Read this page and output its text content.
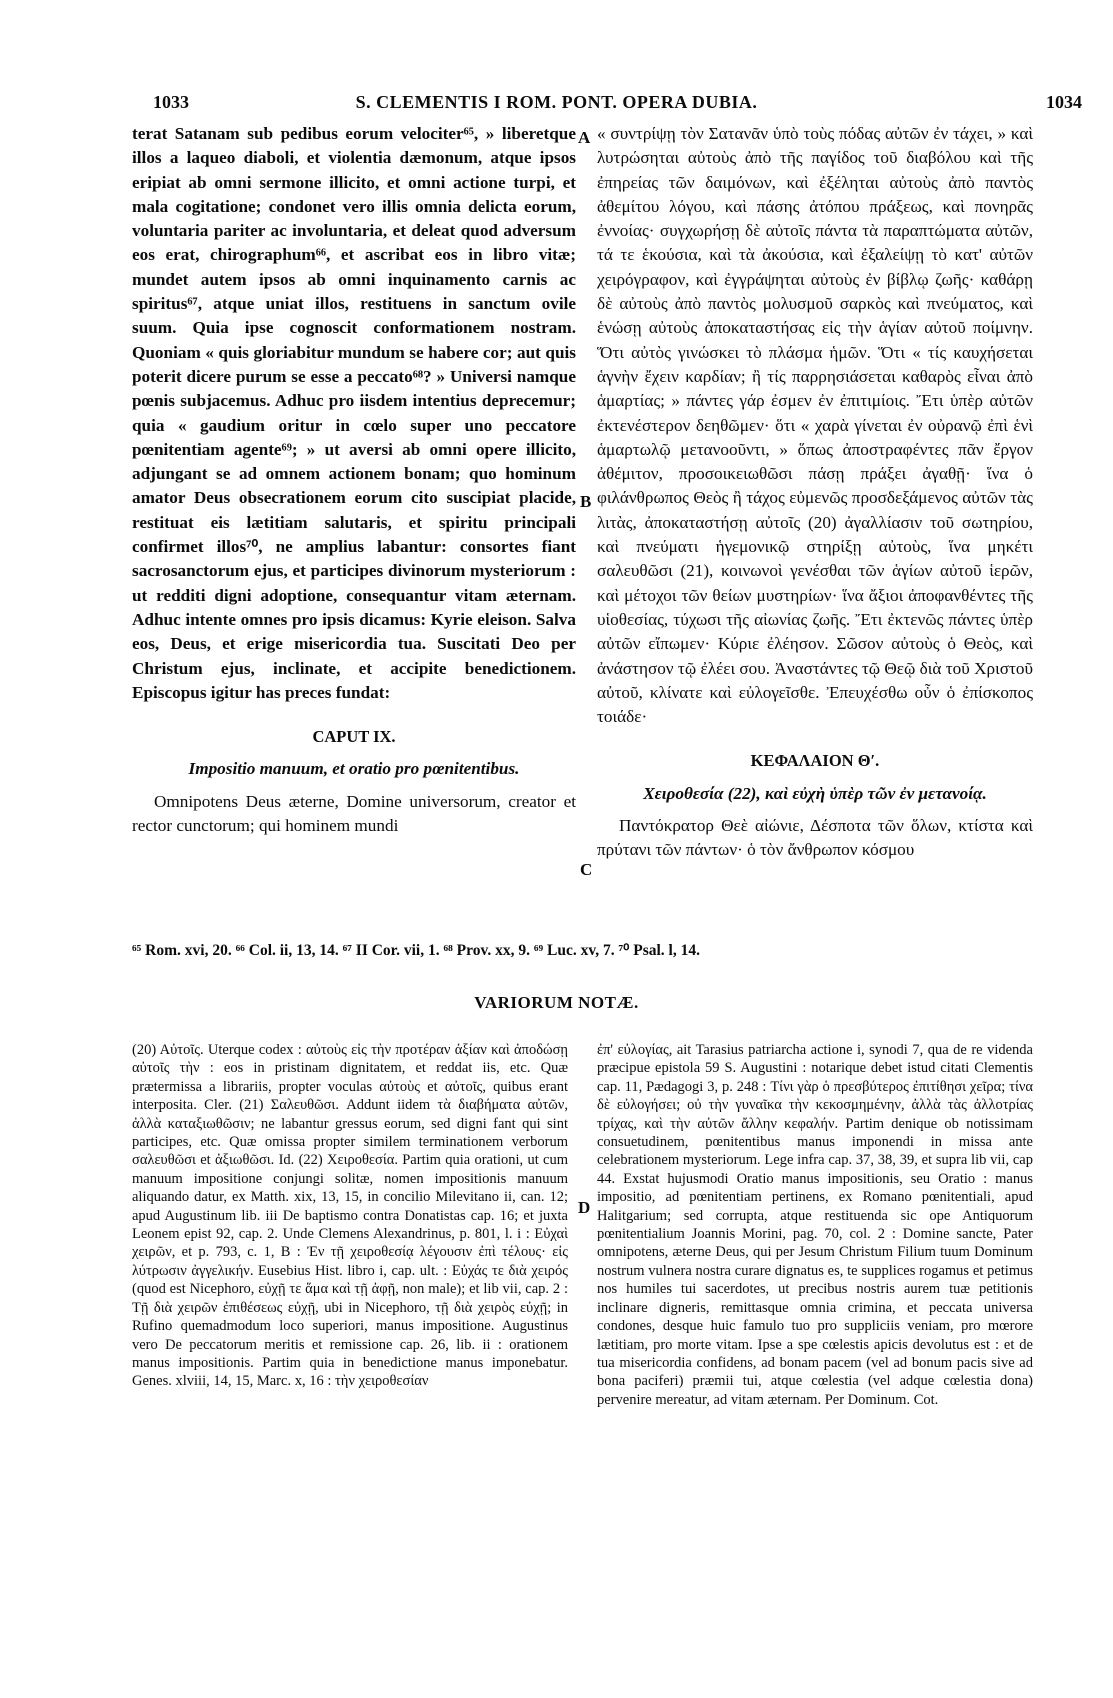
1033	S. CLEMENTIS I ROM. PONT. OPERA DUBIA.	1034

terat Satanam sub pedibus eorum velociter⁶⁵, » liberetque illos a laqueo diaboli, et violentia dæmonum, atque ipsos eripiat ab omni sermone illicito, et omni actione turpi, et mala cogitatione; condonet vero illis omnia delicta eorum, voluntaria pariter ac involuntaria, et deleat quod adversum eos erat, chirographum⁶⁶, et ascribat eos in libro vitæ; mundet autem ipsos ab omni inquinamento carnis ac spiritus⁶⁷, atque uniat illos, restituens in sanctum ovile suum. Quia ipse cognoscit conformationem nostram. Quoniam « quis gloriabitur mundum se habere cor; aut quis poterit dicere purum se esse a peccato⁶⁸? » Universi namque pœnis subjacemus. Adhuc pro iisdem intentius deprecemur; quia « gaudium oritur in cœlo super uno peccatore pœnitentiam agente⁶⁹; » ut aversi ab omni opere illicito, adjungant se ad omnem actionem bonam; quo hominum amator Deus obsecrationem eorum cito suscipiat placide, restituat eis lætitiam salutaris, et spiritu principali confirmet illos⁷⁰, ne amplius labantur: consortes fiant sacrosanctorum ejus, et participes divinorum mysteriorum : ut redditi digni adoptione, consequantur vitam æternam. Adhuc intente omnes pro ipsis dicamus: Kyrie eleison. Salva eos, Deus, et erige misericordia tua. Suscitati Deo per Christum ejus, inclinate, et accipite benedictionem. Episcopus igitur has preces fundat:

CAPUT IX.

Impositio manuum, et oratio pro pœnitentibus.

Omnipotens Deus æterne, Domine universorum, creator et rector cunctorum; qui hominem mundi

« συντρίψῃ τὸν Σατανᾶν ὑπὸ τοὺς πόδας αὐτῶν ἐν τάχει, » καὶ λυτρώσηται αὐτοὺς ἀπὸ τῆς παγίδος τοῦ διαβόλου καὶ τῆς ἐπηρείας τῶν δαιμόνων, καὶ ἐξέληται αὐτοὺς ἀπὸ παντὸς ἀθεμίτου λόγου, καὶ πάσης ἀτόπου πράξεως, καὶ πονηρᾶς ἐννοίας· συγχωρήσῃ δὲ αὐτοῖς πάντα τὰ παραπτώματα αὐτῶν, τά τε ἑκούσια, καὶ τὰ ἀκούσια, καὶ ἐξαλείψῃ τὸ κατ' αὐτῶν χειρόγραφον, καὶ ἐγγράψηται αὐτοὺς ἐν βίβλῳ ζωῆς· καθάρῃ δὲ αὐτοὺς ἀπὸ παντὸς μολυσμοῦ σαρκὸς καὶ πνεύματος, καὶ ἑνώσῃ αὐτοὺς ἀποκαταστήσας εἰς τὴν ἁγίαν αὐτοῦ ποίμνην. Ὅτι αὐτὸς γινώσκει τὸ πλάσμα ἡμῶν. Ὅτι « τίς καυχήσεται ἁγνὴν ἔχειν καρδίαν; ἢ τίς παρρησιάσεται καθαρὸς εἶναι ἀπὸ ἁμαρτίας; » πάντες γάρ ἐσμεν ἐν ἐπιτιμίοις. Ἔτι ὑπὲρ αὐτῶν ἐκτενέστερον δεηθῶμεν· ὅτι « χαρὰ γίνεται ἐν οὐρανῷ ἐπὶ ἑνὶ ἁμαρτωλῷ μετανοοῦντι, » ὅπως ἀποστραφέντες πᾶν ἔργον ἀθέμιτον, προσοικειωθῶσι πάσῃ πράξει ἀγαθῇ· ἵνα ὁ φιλάνθρωπος Θεὸς ἢ τάχος εὐμενῶς προσδεξάμενος αὐτῶν τὰς λιτὰς, ἀποκαταστήσῃ αὐτοῖς (20) ἀγαλλίασιν τοῦ σωτηρίου, καὶ πνεύματι ἡγεμονικῷ στηρίξῃ αὐτοὺς, ἵνα μηκέτι σαλευθῶσι (21), κοινωνοὶ γενέσθαι τῶν ἁγίων αὐτοῦ ἱερῶν, καὶ μέτοχοι τῶν θείων μυστηρίων· ἵνα ἄξιοι ἀποφανθέντες τῆς υἱοθεσίας, τύχωσι τῆς αἰωνίας ζωῆς. Ἔτι ἐκτενῶς πάντες ὑπὲρ αὐτῶν εἴπωμεν· Κύριε ἐλέησον. Σῶσον αὐτοὺς ὁ Θεὸς, καὶ ἀνάστησον τῷ ἐλέει σου. Ἀναστάντες τῷ Θεῷ διὰ τοῦ Χριστοῦ αὐτοῦ, κλίνατε καὶ εὐλογεῖσθε. Ἐπευχέσθω οὖν ὁ ἐπίσκοπος τοιάδε·

ΚΕΦΑΛΑΙΟΝ Θʹ.

Χειροθεσία (22), καὶ εὐχὴ ὑπὲρ τῶν ἐν μετανοίᾳ.

Παντόκρατορ Θεὲ αἰώνιε, Δέσποτα τῶν ὅλων, κτίστα καὶ πρύτανι τῶν πάντων· ὁ τὸν ἄνθρωπον κόσμου

A
B
C
D
⁶⁵ Rom. xvi, 20. ⁶⁶ Col. ii, 13, 14. ⁶⁷ II Cor. vii, 1. ⁶⁸ Prov. xx, 9. ⁶⁹ Luc. xv, 7. ⁷⁰ Psal. l, 14.
VARIORUM NOTÆ.

(20) Αὐτοῖς. Uterque codex : αὐτοὺς εἰς τὴν προτέραν ἀξίαν καὶ ἀποδώσῃ αὐτοῖς τὴν : eos in pristinam dignitatem, et reddat iis, etc. Quæ prætermissa a librariis, propter voculas αὐτοὺς et αὐτοῖς, quibus erant interposita. Cler. (21) Σαλευθῶσι. Addunt iidem τὰ διαβήματα αὐτῶν, ἀλλὰ καταξιωθῶσιν; ne labantur gressus eorum, sed digni fant qui sint participes, etc. Quæ omissa propter similem terminationem verborum σαλευθῶσι et ἀξιωθῶσι. Id. (22) Χειροθεσία. Partim quia orationi, ut cum manuum impositione conjungi solitæ, nomen impositionis manuum aliquando datur, ex Matth. xix, 13, 15, in concilio Milevitano ii, can. 12; apud Augustinum lib. iii De baptismo contra Donatistas cap. 16; et juxta Leonem epist 92, cap. 2. Unde Clemens Alexandrinus, p. 801, l. i : Εὐχαὶ χειρῶν, et p. 793, c. 1, B : Ἐν τῇ χειροθεσίᾳ λέγουσιν ἐπὶ τέλους· εἰς λύτρωσιν ἀγγελικήν. Eusebius Hist. libro i, cap. ult. : Εὐχάς τε διὰ χειρός (quod est Nicephoro, εὐχῇ τε ἅμα καὶ τῇ ἀφῇ, non male); et lib vii, cap. 2 : Τῇ διὰ χειρῶν ἐπιθέσεως εὐχῇ, ubi in Nicephoro, τῇ διὰ χειρὸς εὐχῇ; in Rufino quemadmodum loco superiori, manus impositione. Augustinus vero De peccatorum meritis et remissione cap. 26, lib. ii : orationem manus impositionis. Partim quia in benedictione manus imponebatur. Genes. xlviii, 14, 15, Marc. x, 16 : τὴν χειροθεσίαν

ἐπ' εὐλογίας, ait Tarasius patriarcha actione i, synodi 7, qua de re videnda præcipue epistola 59 S. Augustini : notarique debet istud citati Clementis cap. 11, Pædagogi 3, p. 248 : Τίνι γὰρ ὁ πρεσβύτερος ἐπιτίθησι χεῖρα; τίνα δὲ εὐλογήσει; οὐ τὴν γυναῖκα τὴν κεκοσμημένην, ἀλλὰ τὰς ἀλλοτρίας τρίχας, καὶ τὴν αὐτῶν ἄλλην κεφαλήν. Partim denique ob notissimam consuetudinem, pœnitentibus manus imponendi in missa ante celebrationem mysteriorum. Lege infra cap. 37, 38, 39, et supra lib vii, cap 44. Exstat hujusmodi Oratio manus impositionis, seu Oratio : manus impositio, ad pœnitentiam pertinens, ex Romano pœnitentiali, apud Halitgarium; sed corrupta, atque restituenda sic ope Antiquorum pœnitentialium Joannis Morini, pag. 70, col. 2 : Domine sancte, Pater omnipotens, æterne Deus, qui per Jesum Christum Filium tuum Dominum nostrum vulnera nostra curare dignatus es, te supplices rogamus et petimus nos humiles tui sacerdotes, ut precibus nostris aurem tuæ petitionis inclinare digneris, remittasque omnia crimina, et peccata universa condones, desque huic famulo tuo pro suppliciis veniam, pro mœrore lætitiam, pro morte vitam. Ipse a spe cœlestis apicis devolutus est : et de tua misericordia confidens, ad bonam pacem (vel ad bonum pacis sive ad bona paciferi) præmii tui, atque cœlestia (vel adque cœlestia dona) pervenire mereatur, ad vitam æternam. Per Dominum. Cot.
